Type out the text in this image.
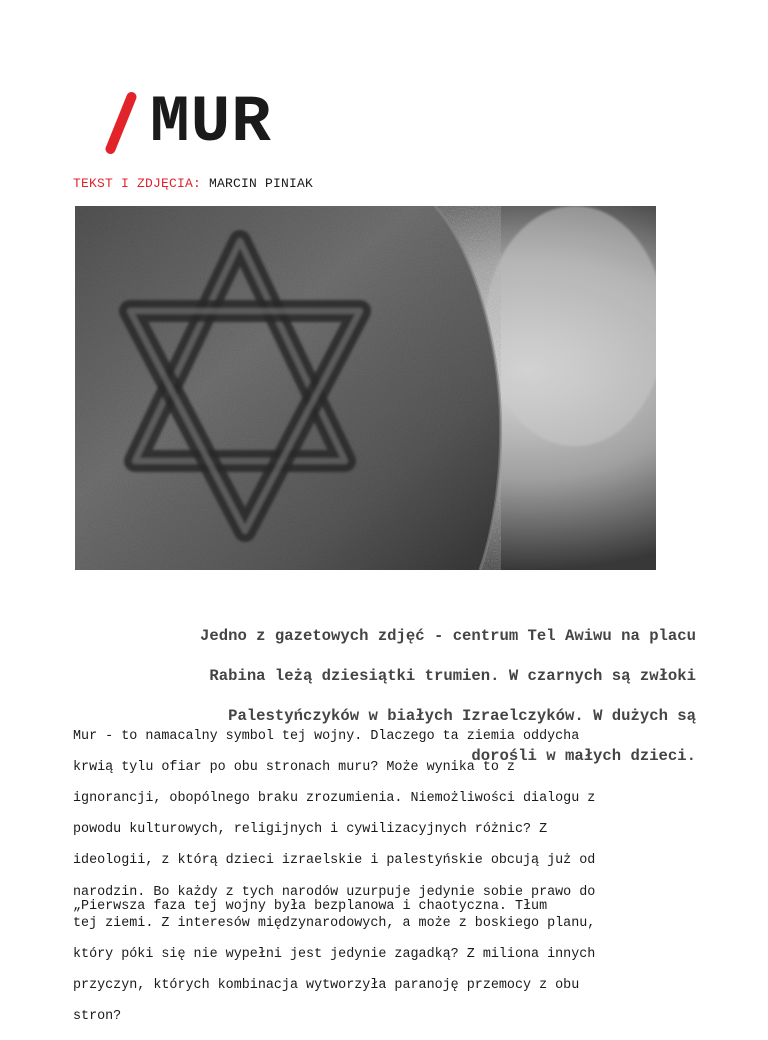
MUR
TEKST I ZDJĘCIA: MARCIN PINIAK

Jedno z gazetowych zdjęć - centrum Tel Awiwu na placu

Rabina leżą dziesiątki trumien. W czarnych są zwłoki

Palestyńczyków w białych Izraelczyków. W dużych są

dorośli w małych dzieci.

Mur - to namacalny symbol tej wojny. Dlaczego ta ziemia oddycha

krwią tylu ofiar po obu stronach muru? Może wynika to z

ignorancji, obopólnego braku zrozumienia. Niemożliwości dialogu z

powodu kulturowych, religijnych i cywilizacyjnych różnic? Z

ideologii, z którą dzieci izraelskie i palestyńskie obcują już od

narodzin. Bo każdy z tych narodów uzurpuje jedynie sobie prawo do

tej ziemi. Z interesów międzynarodowych, a może z boskiego planu,

który póki się nie wypełni jest jedynie zagadką? Z miliona innych

przyczyn, których kombinacja wytworzyła paranoję przemocy z obu

stron?

„Pierwsza faza tej wojny była bezplanowa i chaotyczna. Tłum
